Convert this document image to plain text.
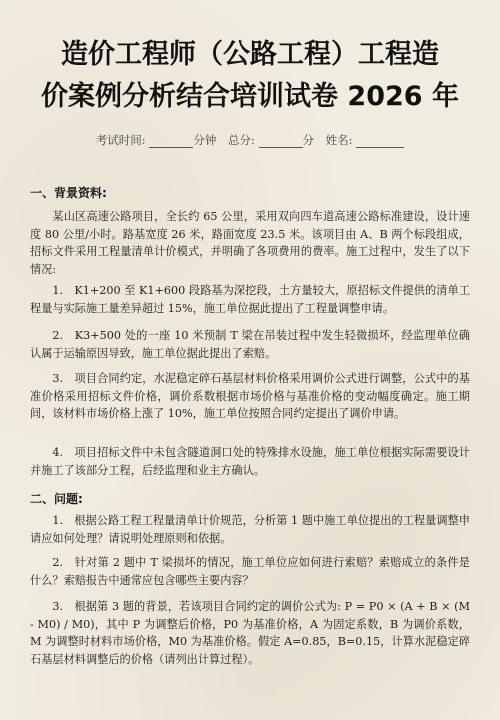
造价工程师（公路工程）工程造
价案例分析结合培训试卷 2026 年
考试时间:	分钟 总分:	分 姓名:
一、背景资料:
某山区高速公路项目，全长约 65 公里，采用双向四车道高速公路标准建设，设计速度 80 公里/小时。路基宽度 26 米，路面宽度 23.5 米。该项目由 A、B 两个标段组成，招标文件采用工程量清单计价模式，并明确了各项费用的费率。施工过程中，发生了以下情况:
1.　K1+200 至 K1+600 段路基为深挖段，土方量较大，原招标文件提供的清单工程量与实际施工量差异超过 15%，施工单位据此提出了工程量调整申请。
2.　K3+500 处的一座 10 米预制 T 梁在吊装过程中发生轻微损坏，经监理单位确认属于运输原因导致，施工单位据此提出了索赔。
3.　项目合同约定，水泥稳定碎石基层材料价格采用调价公式进行调整，公式中的基准价格采用招标文件价格，调价系数根据市场价格与基准价格的变动幅度确定。施工期间，该材料市场价格上涨了 10%，施工单位按照合同约定提出了调价申请。
4.　项目招标文件中未包含隧道洞口处的特殊排水设施，施工单位根据实际需要设计并施工了该部分工程，后经监理和业主方确认。
二、问题:
1.　根据公路工程工程量清单计价规范，分析第 1 题中施工单位提出的工程量调整申请应如何处理？请说明处理原则和依据。
2.　针对第 2 题中 T 梁损坏的情况，施工单位应如何进行索赔？索赔成立的条件是什么？索赔报告中通常应包含哪些主要内容？
3.　根据第 3 题的背景，若该项目合同约定的调价公式为: P = P0 × (A + B × (M - M0) / M0)，其中 P 为调整后价格，P0 为基准价格，A 为固定系数，B 为调价系数，M 为调整时材料市场价格，M0 为基准价格。假定 A=0.85，B=0.15，计算水泥稳定碎石基层材料调整后的价格（请列出计算过程）。
